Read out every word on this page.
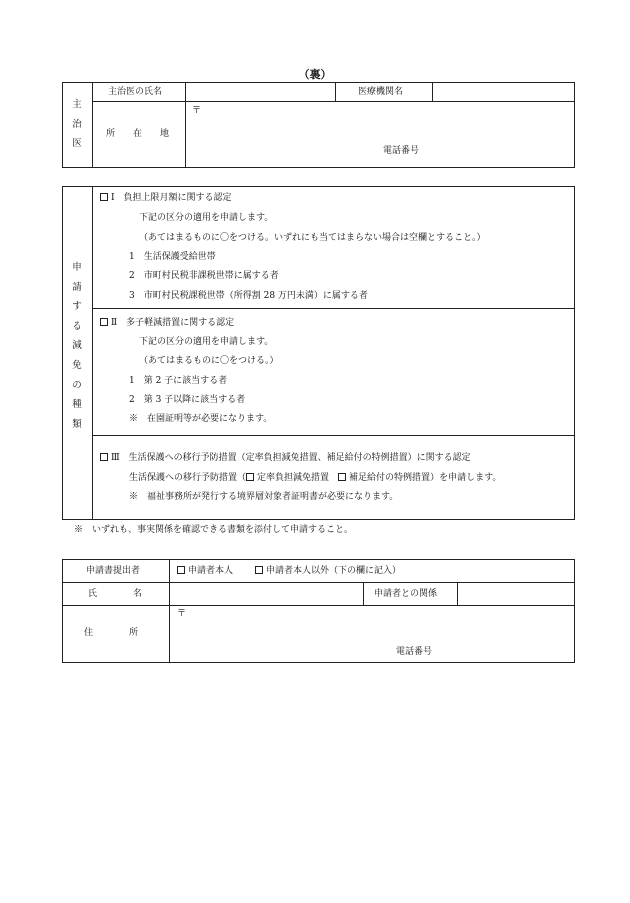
（裏）
主
治
医
主治医の氏名	医療機関名
〒
所　　在　　地
電話番号
申
請
す
る
減
免
の
種
類
Ⅰ　負担上限月額に関する認定
下記の区分の適用を申請します。
（あてはまるものに〇をつける。いずれにも当てはまらない場合は空欄とすること。）
1　生活保護受給世帯
2　市町村民税非課税世帯に属する者
3　市町村民税課税世帯（所得割 28 万円未満）に属する者
Ⅱ　多子軽減措置に関する認定
下記の区分の適用を申請します。
（あてはまるものに〇をつける。）
1　第 2 子に該当する者
2　第 3 子以降に該当する者
※　在園証明等が必要になります。
Ⅲ　生活保護への移行予防措置（定率負担減免措置、補足給付の特例措置）に関する認定
生活保護への移行予防措置（ 定率負担減免措置　 補足給付の特例措置）を申請します。
※　福祉事務所が発行する境界層対象者証明書が必要になります。
※　いずれも、事実関係を確認できる書類を添付して申請すること。
申請書提出者	申請者本人	申請者本人以外（下の欄に記入）
氏　　　　名	申請者との関係
住　　　　所
〒
電話番号
